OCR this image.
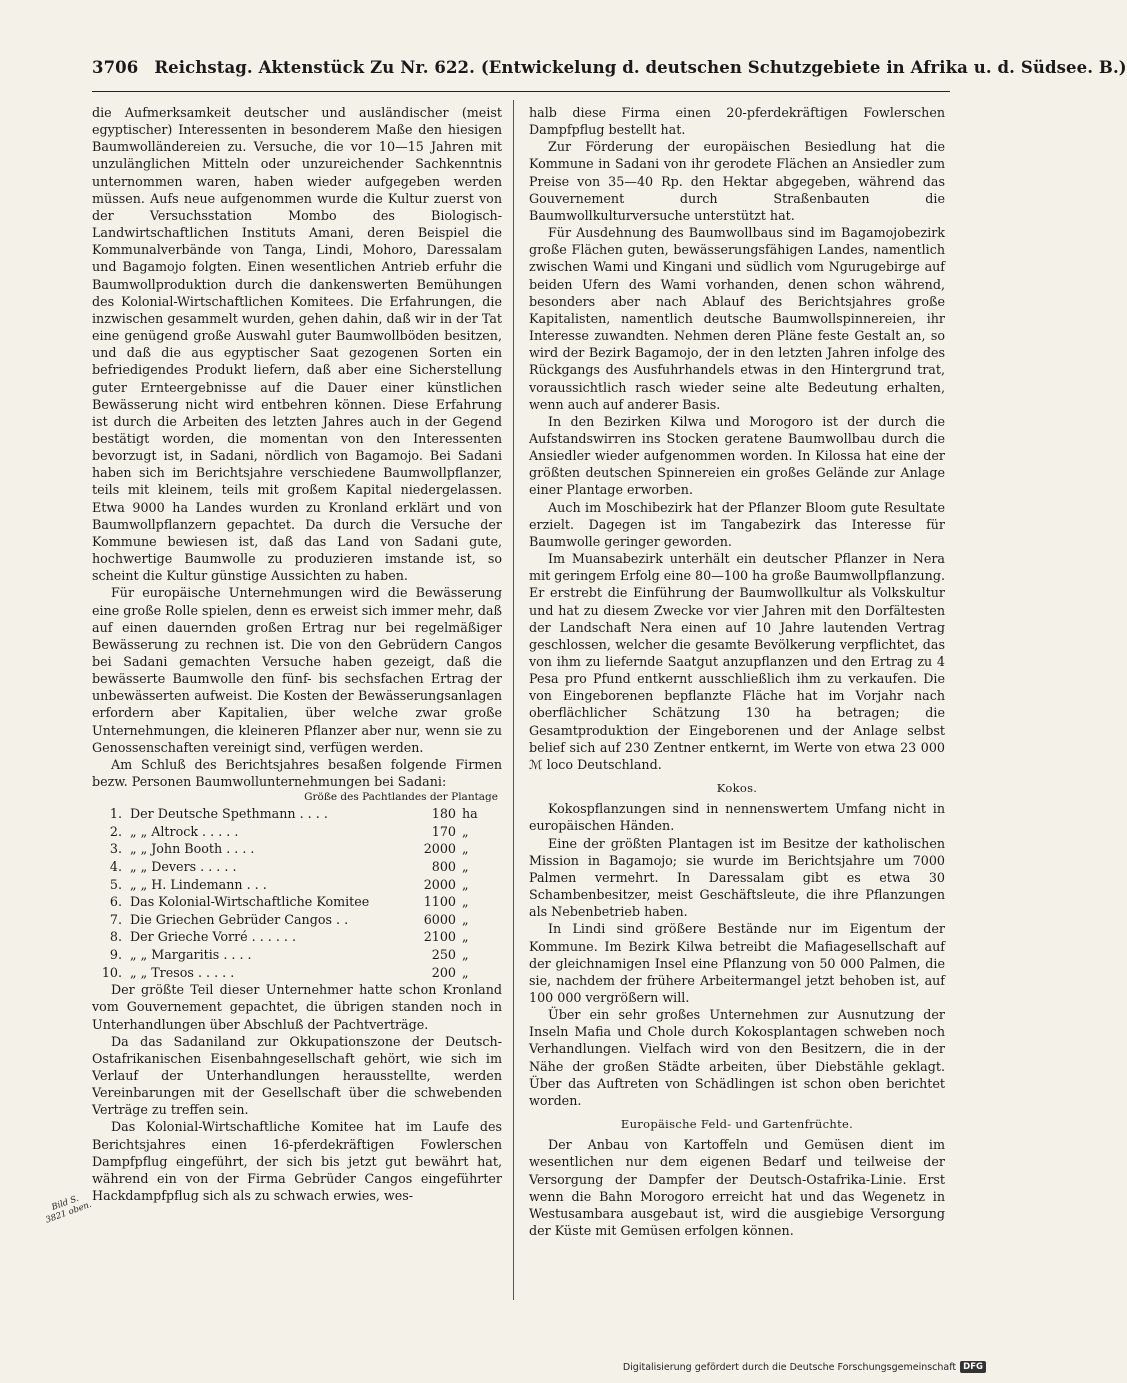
3706 Reichstag. Aktenstück Zu Nr. 622. (Entwickelung d. deutschen Schutzgebiete in Afrika u. d. Südsee. B.)

die Aufmerksamkeit deutscher und ausländischer (meist egyptischer) Interessenten in besonderem Maße den hiesigen Baumwolländereien zu. Versuche, die vor 10—15 Jahren mit unzulänglichen Mitteln oder unzureichender Sachkenntnis unternommen waren, haben wieder aufgegeben werden müssen. Aufs neue aufgenommen wurde die Kultur zuerst von der Versuchsstation Mombo des Biologisch-Landwirtschaftlichen Instituts Amani, deren Beispiel die Kommunalverbände von Tanga, Lindi, Mohoro, Daressalam und Bagamojo folgten. Einen wesentlichen Antrieb erfuhr die Baumwollproduktion durch die dankenswerten Bemühungen des Kolonial-Wirtschaftlichen Komitees. Die Erfahrungen, die inzwischen gesammelt wurden, gehen dahin, daß wir in der Tat eine genügend große Auswahl guter Baumwollböden besitzen, und daß die aus egyptischer Saat gezogenen Sorten ein befriedigendes Produkt liefern, daß aber eine Sicherstellung guter Ernteergebnisse auf die Dauer einer künstlichen Bewässerung nicht wird entbehren können. Diese Erfahrung ist durch die Arbeiten des letzten Jahres auch in der Gegend bestätigt worden, die momentan von den Interessenten bevorzugt ist, in Sadani, nördlich von Bagamojo. Bei Sadani haben sich im Berichtsjahre verschiedene Baumwollpflanzer, teils mit kleinem, teils mit großem Kapital niedergelassen. Etwa 9000 ha Landes wurden zu Kronland erklärt und von Baumwollpflanzern gepachtet. Da durch die Versuche der Kommune bewiesen ist, daß das Land von Sadani gute, hochwertige Baumwolle zu produzieren imstande ist, so scheint die Kultur günstige Aussichten zu haben.

Für europäische Unternehmungen wird die Bewässerung eine große Rolle spielen, denn es erweist sich immer mehr, daß auf einen dauernden großen Ertrag nur bei regelmäßiger Bewässerung zu rechnen ist. Die von den Gebrüdern Cangos bei Sadani gemachten Versuche haben gezeigt, daß die bewässerte Baumwolle den fünf- bis sechsfachen Ertrag der unbewässerten aufweist. Die Kosten der Bewässerungsanlagen erfordern aber Kapitalien, über welche zwar große Unternehmungen, die kleineren Pflanzer aber nur, wenn sie zu Genossenschaften vereinigt sind, verfügen werden.

Am Schluß des Berichtsjahres besaßen folgende Firmen bezw. Personen Baumwollunternehmungen bei Sadani:

Größe des Pachtlandes der Plantage
1.	Der Deutsche Spethmann . . . .	180	ha
2.	„ „ Altrock . . . . .	170	„
3.	„ „ John Booth . . . .	2000	„
4.	„ „ Devers . . . . .	800	„
5.	„ „ H. Lindemann . . .	2000	„
6.	Das Kolonial-Wirtschaftliche Komitee	1100	„
7.	Die Griechen Gebrüder Cangos . .	6000	„
8.	Der Grieche Vorré . . . . . .	2100	„
9.	„ „ Margaritis . . . .	250	„
10.	„ „ Tresos . . . . .	200	„

Der größte Teil dieser Unternehmer hatte schon Kronland vom Gouvernement gepachtet, die übrigen standen noch in Unterhandlungen über Abschluß der Pachtverträge.

Da das Sadaniland zur Okkupationszone der Deutsch-Ostafrikanischen Eisenbahngesellschaft gehört, wie sich im Verlauf der Unterhandlungen herausstellte, werden Vereinbarungen mit der Gesellschaft über die schwebenden Verträge zu treffen sein.

Das Kolonial-Wirtschaftliche Komitee hat im Laufe des Berichtsjahres einen 16-pferdekräftigen Fowlerschen Dampfpflug eingeführt, der sich bis jetzt gut bewährt hat, während ein von der Firma Gebrüder Cangos eingeführter Hackdampfpflug sich als zu schwach erwies, wes-

Bild S. 3821 oben.

halb diese Firma einen 20-pferdekräftigen Fowlerschen Dampfpflug bestellt hat.

Zur Förderung der europäischen Besiedlung hat die Kommune in Sadani von ihr gerodete Flächen an Ansiedler zum Preise von 35—40 Rp. den Hektar abgegeben, während das Gouvernement durch Straßenbauten die Baumwollkulturversuche unterstützt hat.

Für Ausdehnung des Baumwollbaus sind im Bagamojobezirk große Flächen guten, bewässerungsfähigen Landes, namentlich zwischen Wami und Kingani und südlich vom Ngurugebirge auf beiden Ufern des Wami vorhanden, denen schon während, besonders aber nach Ablauf des Berichtsjahres große Kapitalisten, namentlich deutsche Baumwollspinnereien, ihr Interesse zuwandten. Nehmen deren Pläne feste Gestalt an, so wird der Bezirk Bagamojo, der in den letzten Jahren infolge des Rückgangs des Ausfuhrhandels etwas in den Hintergrund trat, voraussichtlich rasch wieder seine alte Bedeutung erhalten, wenn auch auf anderer Basis.

In den Bezirken Kilwa und Morogoro ist der durch die Aufstandswirren ins Stocken geratene Baumwollbau durch die Ansiedler wieder aufgenommen worden. In Kilossa hat eine der größten deutschen Spinnereien ein großes Gelände zur Anlage einer Plantage erworben.

Auch im Moschibezirk hat der Pflanzer Bloom gute Resultate erzielt. Dagegen ist im Tangabezirk das Interesse für Baumwolle geringer geworden.

Im Muansabezirk unterhält ein deutscher Pflanzer in Nera mit geringem Erfolg eine 80—100 ha große Baumwollpflanzung. Er erstrebt die Einführung der Baumwollkultur als Volkskultur und hat zu diesem Zwecke vor vier Jahren mit den Dorfältesten der Landschaft Nera einen auf 10 Jahre lautenden Vertrag geschlossen, welcher die gesamte Bevölkerung verpflichtet, das von ihm zu liefernde Saatgut anzupflanzen und den Ertrag zu 4 Pesa pro Pfund entkernt ausschließlich ihm zu verkaufen. Die von Eingeborenen bepflanzte Fläche hat im Vorjahr nach oberflächlicher Schätzung 130 ha betragen; die Gesamtproduktion der Eingeborenen und der Anlage selbst belief sich auf 230 Zentner entkernt, im Werte von etwa 23 000 ℳ loco Deutschland.

Kokos.

Kokospflanzungen sind in nennenswertem Umfang nicht in europäischen Händen.

Eine der größten Plantagen ist im Besitze der katholischen Mission in Bagamojo; sie wurde im Berichtsjahre um 7000 Palmen vermehrt. In Daressalam gibt es etwa 30 Schambenbesitzer, meist Geschäftsleute, die ihre Pflanzungen als Nebenbetrieb haben.

In Lindi sind größere Bestände nur im Eigentum der Kommune. Im Bezirk Kilwa betreibt die Mafiagesellschaft auf der gleichnamigen Insel eine Pflanzung von 50 000 Palmen, die sie, nachdem der frühere Arbeitermangel jetzt behoben ist, auf 100 000 vergrößern will.

Über ein sehr großes Unternehmen zur Ausnutzung der Inseln Mafia und Chole durch Kokosplantagen schweben noch Verhandlungen. Vielfach wird von den Besitzern, die in der Nähe der großen Städte arbeiten, über Diebstähle geklagt. Über das Auftreten von Schädlingen ist schon oben berichtet worden.

Europäische Feld- und Gartenfrüchte.

Der Anbau von Kartoffeln und Gemüsen dient im wesentlichen nur dem eigenen Bedarf und teilweise der Versorgung der Dampfer der Deutsch-Ostafrika-Linie. Erst wenn die Bahn Morogoro erreicht hat und das Wegenetz in Westusambara ausgebaut ist, wird die ausgiebige Versorgung der Küste mit Gemüsen erfolgen können.

Digitalisierung gefördert durch die Deutsche Forschungsgemeinschaft DFG
